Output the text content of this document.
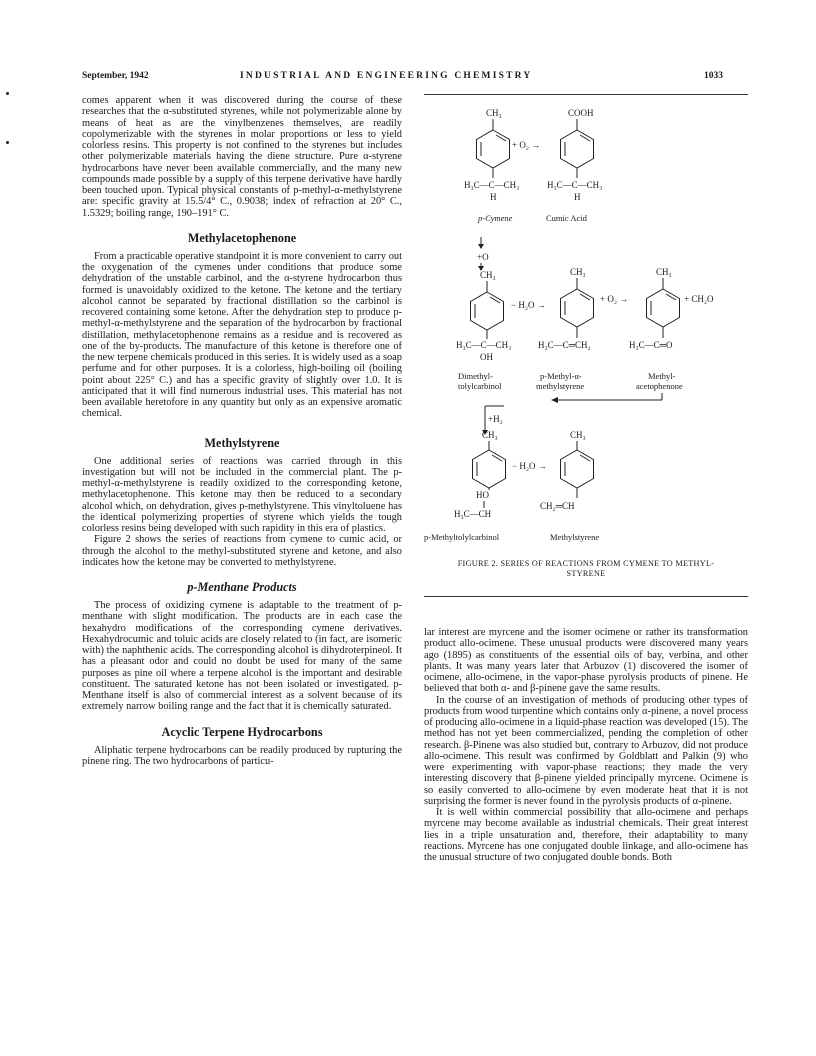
September, 1942	INDUSTRIAL AND ENGINEERING CHEMISTRY	1033

comes apparent when it was discovered during the course of these researches that the α-substituted styrenes, while not polymerizable alone by means of heat as are the vinylbenzenes themselves, are readily copolymerizable with the styrenes in molar proportions or less to yield colorless resins. This property is not confined to the styrenes but includes other polymerizable materials having the diene structure. Pure α-styrene hydrocarbons have never been available commercially, and the many new compounds made possible by a supply of this terpene derivative have hardly been touched upon. Typical physical constants of p-methyl-α-methylstyrene are: specific gravity at 15.5/4° C., 0.9038; index of refraction at 20° C., 1.5329; boiling range, 190–191° C.

Methylacetophenone

From a practicable operative standpoint it is more convenient to carry out the oxygenation of the cymenes under conditions that produce some dehydration of the unstable carbinol, and the α-styrene hydrocarbon thus formed is unavoidably oxidized to the ketone. The ketone and the tertiary alcohol cannot be separated by fractional distillation so the carbinol is recovered containing some ketone. After the dehydration step to produce p-methyl-α-methylstyrene and the separation of the hydrocarbon by fractional distillation, methylacetophenone remains as a residue and is recovered as one of the by-products. The manufacture of this ketone is therefore one of the new terpene chemicals produced in this series. It is widely used as a soap perfume and for other purposes. It is a colorless, high-boiling oil (boiling point about 225° C.) and has a specific gravity of slightly over 1.0. It is anticipated that it will find numerous industrial uses. This material has not been available heretofore in any quantity but only as an expensive aromatic chemical.

Methylstyrene

One additional series of reactions was carried through in this investigation but will not be included in the commercial plant. The p-methyl-α-methylstyrene is readily oxidized to the corresponding ketone, methylacetophenone. This ketone may then be reduced to a secondary alcohol which, on dehydration, gives p-methylstyrene. This vinyltoluene has the identical polymerizing properties of styrene which yields the tough colorless resins being developed with such rapidity in this era of plastics.

Figure 2 shows the series of reactions from cymene to cumic acid, or through the alcohol to the methyl-substituted styrene and ketone, and also indicates how the ketone may be converted to methylstyrene.

p-Menthane Products

The process of oxidizing cymene is adaptable to the treatment of p-menthane with slight modification. The products are in each case the hexahydro modifications of the corresponding cymene derivatives. Hexahydrocumic and toluic acids are closely related to (in fact, are isomeric with) the naphthenic acids. The corresponding alcohol is dihydroterpineol. It has a pleasant odor and could no doubt be used for many of the same purposes as pine oil where a terpene alcohol is the important and desirable constituent. The saturated ketone has not been isolated or investigated. p-Menthane itself is also of commercial interest as a solvent because of its extremely narrow boiling range and the fact that it is chemically saturated.

Acyclic Terpene Hydrocarbons

Aliphatic terpene hydrocarbons can be readily produced by rupturing the pinene ring. The two hydrocarbons of particu-

CH₃
H₃C—C—CH₃
H
+ O₂ →
COOH
H₃C—C—CH₃
H
p-Cymene	Cumic Acid
+O
CH₃
H₃C—C—CH₃
OH
− H₂O →
CH₃
H₃C—C═CH₂
+ O₂ →
CH₃
H₃C—C═O
+ CH₂O
Dimethyl-
tolylcarbinol
p-Methyl-α-
methylstyrene
Methyl-
acetophenone
+H₂
CH₃
HO
H₃C—CH
− H₂O →
CH₃
CH₂═CH
p-Methyltolylcarbinol	Methylstyrene
FIGURE 2. SERIES OF REACTIONS FROM CYMENE TO METHYL-
STYRENE

lar interest are myrcene and the isomer ocimene or rather its transformation product allo-ocimene. These unusual products were discovered many years ago (1895) as constituents of the essential oils of bay, verbina, and other plants. It was many years later that Arbuzov (1) discovered the isomer of ocimene, allo-ocimene, in the vapor-phase pyrolysis products of pinene. He believed that both α- and β-pinene gave the same results.

In the course of an investigation of methods of producing other types of products from wood turpentine which contains only α-pinene, a novel process of producing allo-ocimene in a liquid-phase reaction was developed (15). The method has not yet been commercialized, pending the completion of other research. β-Pinene was also studied but, contrary to Arbuzov, did not produce allo-ocimene. This result was confirmed by Goldblatt and Palkin (9) who were experimenting with vapor-phase reactions; they made the very interesting discovery that β-pinene yielded principally myrcene. Ocimene is so easily converted to allo-ocimene by even moderate heat that it is not surprising the former is never found in the pyrolysis products of α-pinene.

It is well within commercial possibility that allo-ocimene and perhaps myrcene may become available as industrial chemicals. Their great interest lies in a triple unsaturation and, therefore, their adaptability to many reactions. Myrcene has one conjugated double linkage, and allo-ocimene has the unusual structure of two conjugated double bonds. Both
